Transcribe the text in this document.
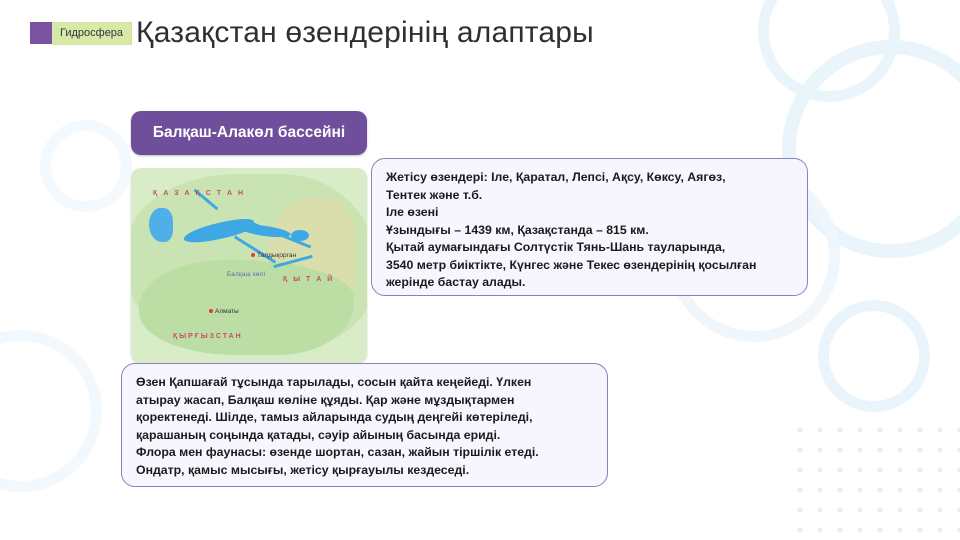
Гидросфера Қазақстан өзендерінің алаптары
Балқаш-Алакөл бассейні
Қ А З А Қ С Т А Н
Қ Ы Т А Й
ҚЫРҒЫЗСТАН
Балқаш көлі
Талдықорган
Алматы

Жетісу өзендері: Іле, Қаратал, Лепсі, Ақсу, Көксу, Аягөз,

Тентек және т.б.

Іле өзені

Ұзындығы – 1439 км, Қазақстанда – 815 км.

Қытай аумағындағы Солтүстік Тянь-Шань тауларында,

3540 метр биіктікте, Күнгес және Текес өзендерінің қосылған

жерінде бастау алады.

Өзен Қапшағай тұсында тарылады, сосын қайта кеңейеді. Үлкен

атырау жасап, Балқаш көліне құяды. Қар және мұздықтармен

қоректенеді. Шілде, тамыз айларында судың деңгейі көтеріледі,

қарашаның соңында қатады, сәуір айының басында ериді.

Флора мен фаунасы: өзенде шортан, сазан, жайын тіршілік етеді.

Ондатр, қамыс мысығы, жетісу қырғауылы кездеседі.
